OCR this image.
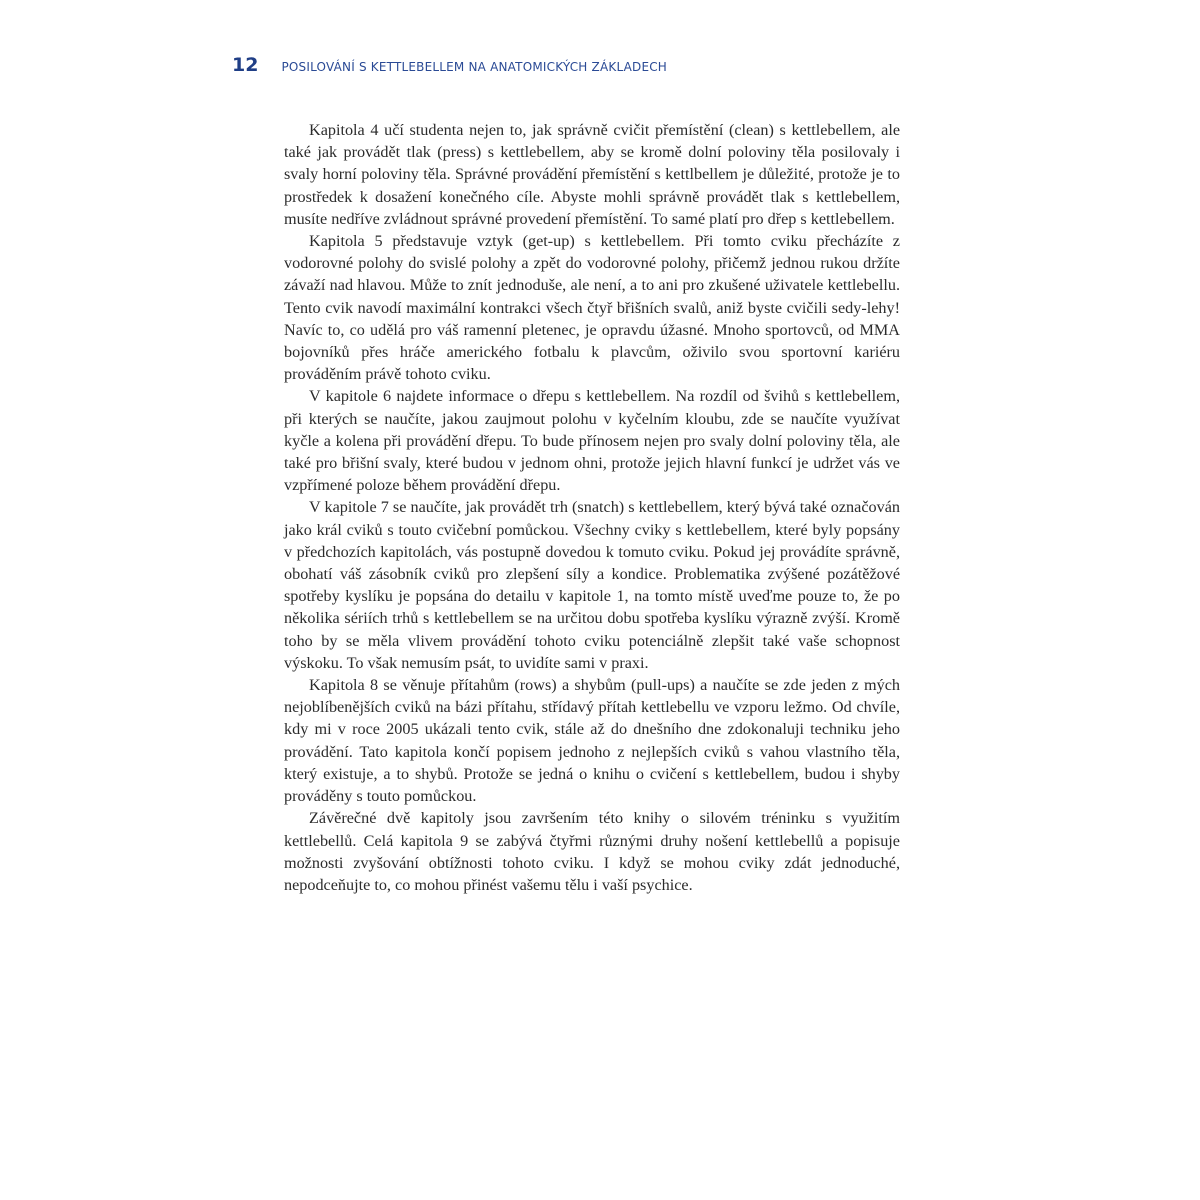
12 POSILOVÁNÍ S KETTLEBELLEM NA ANATOMICKÝCH ZÁKLADECH

Kapitola 4 učí studenta nejen to, jak správně cvičit přemístění (clean) s kettlebellem, ale také jak provádět tlak (press) s kettlebellem, aby se kromě dolní poloviny těla posilovaly i svaly horní poloviny těla. Správné provádění přemístění s kettlbellem je důležité, protože je to prostředek k dosažení konečného cíle. Abyste mohli správně provádět tlak s kettlebellem, musíte nedříve zvládnout správné provedení přemístění. To samé platí pro dřep s kettlebellem.

Kapitola 5 představuje vztyk (get-up) s kettlebellem. Při tomto cviku přecházíte z vodorovné polohy do svislé polohy a zpět do vodorovné polohy, přičemž jednou rukou držíte závaží nad hlavou. Může to znít jednoduše, ale není, a to ani pro zkušené uživatele kettlebellu. Tento cvik navodí maximální kontrakci všech čtyř břišních svalů, aniž byste cvičili sedy-lehy! Navíc to, co udělá pro váš ramenní pletenec, je opravdu úžasné. Mnoho sportovců, od MMA bojovníků přes hráče amerického fotbalu k plavcům, oživilo svou sportovní kariéru prováděním právě tohoto cviku.

V kapitole 6 najdete informace o dřepu s kettlebellem. Na rozdíl od švihů s kettlebellem, při kterých se naučíte, jakou zaujmout polohu v kyčelním kloubu, zde se naučíte využívat kyčle a kolena při provádění dřepu. To bude přínosem nejen pro svaly dolní poloviny těla, ale také pro břišní svaly, které budou v jednom ohni, protože jejich hlavní funkcí je udržet vás ve vzpřímené poloze během provádění dřepu.

V kapitole 7 se naučíte, jak provádět trh (snatch) s kettlebellem, který bývá také označován jako král cviků s touto cvičební pomůckou. Všechny cviky s kettlebellem, které byly popsány v předchozích kapitolách, vás postupně dovedou k tomuto cviku. Pokud jej provádíte správně, obohatí váš zásobník cviků pro zlepšení síly a kondice. Problematika zvýšené pozátěžové spotřeby kyslíku je popsána do detailu v kapitole 1, na tomto místě uveďme pouze to, že po několika sériích trhů s kettlebellem se na určitou dobu spotřeba kyslíku výrazně zvýší. Kromě toho by se měla vlivem provádění tohoto cviku potenciálně zlepšit také vaše schopnost výskoku. To však nemusím psát, to uvidíte sami v praxi.

Kapitola 8 se věnuje přítahům (rows) a shybům (pull-ups) a naučíte se zde jeden z mých nejoblíbenějších cviků na bázi přítahu, střídavý přítah kettlebellu ve vzporu ležmo. Od chvíle, kdy mi v roce 2005 ukázali tento cvik, stále až do dnešního dne zdokonaluji techniku jeho provádění. Tato kapitola končí popisem jednoho z nejlepších cviků s vahou vlastního těla, který existuje, a to shybů. Protože se jedná o knihu o cvičení s kettlebellem, budou i shyby prováděny s touto pomůckou.

Závěrečné dvě kapitoly jsou završením této knihy o silovém tréninku s využitím kettlebellů. Celá kapitola 9 se zabývá čtyřmi různými druhy nošení kettlebellů a popisuje možnosti zvyšování obtížnosti tohoto cviku. I když se mohou cviky zdát jednoduché, nepodceňujte to, co mohou přinést vašemu tělu i vaší psychice.
